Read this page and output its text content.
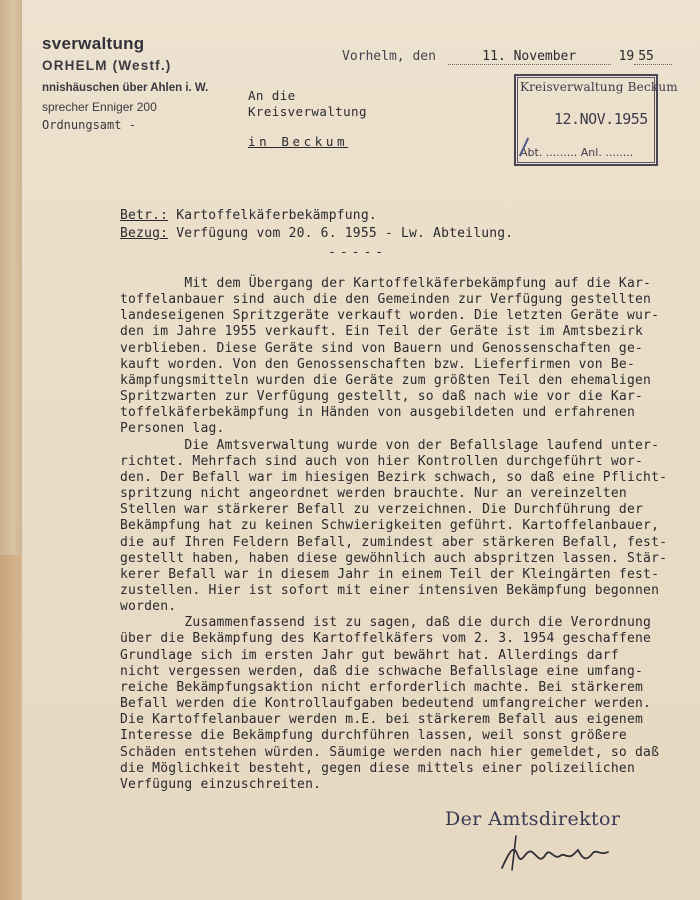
sverwaltung
ORHELM (Westf.)
nnishäuschen über Ahlen i. W.
sprecher Enniger 200
Ordnungsamt -
Vorhelm, den	11. November	19 55
An die
Kreisverwaltung
in Beckum
Kreisverwaltung Beckum
12.NOV.1955
Abt. ......... Anl. ........
Betr.: Kartoffelkäferbekämpfung.
Bezug: Verfügung vom 20. 6. 1955 - Lw. Abteilung.
-----
Mit dem Übergang der Kartoffelkäferbekämpfung auf die Kar-
toffelanbauer sind auch die den Gemeinden zur Verfügung gestellten
landeseigenen Spritzgeräte verkauft worden. Die letzten Geräte wur-
den im Jahre 1955 verkauft. Ein Teil der Geräte ist im Amtsbezirk
verblieben. Diese Geräte sind von Bauern und Genossenschaften ge-
kauft worden. Von den Genossenschaften bzw. Lieferfirmen von Be-
kämpfungsmitteln wurden die Geräte zum größten Teil den ehemaligen
Spritzwarten zur Verfügung gestellt, so daß nach wie vor die Kar-
toffelkäferbekämpfung in Händen von ausgebildeten und erfahrenen
Personen lag.
Die Amtsverwaltung wurde von der Befallslage laufend unter-
richtet. Mehrfach sind auch von hier Kontrollen durchgeführt wor-
den. Der Befall war im hiesigen Bezirk schwach, so daß eine Pflicht-
spritzung nicht angeordnet werden brauchte. Nur an vereinzelten
Stellen war stärkerer Befall zu verzeichnen. Die Durchführung der
Bekämpfung hat zu keinen Schwierigkeiten geführt. Kartoffelanbauer,
die auf Ihren Feldern Befall, zumindest aber stärkeren Befall, fest-
gestellt haben, haben diese gewöhnlich auch abspritzen lassen. Stär-
kerer Befall war in diesem Jahr in einem Teil der Kleingärten fest-
zustellen. Hier ist sofort mit einer intensiven Bekämpfung begonnen
worden.
Zusammenfassend ist zu sagen, daß die durch die Verordnung
über die Bekämpfung des Kartoffelkäfers vom 2. 3. 1954 geschaffene
Grundlage sich im ersten Jahr gut bewährt hat. Allerdings darf
nicht vergessen werden, daß die schwache Befallslage eine umfang-
reiche Bekämpfungsaktion nicht erforderlich machte. Bei stärkerem
Befall werden die Kontrollaufgaben bedeutend umfangreicher werden.
Die Kartoffelanbauer werden m.E. bei stärkerem Befall aus eigenem
Interesse die Bekämpfung durchführen lassen, weil sonst größere
Schäden entstehen würden. Säumige werden nach hier gemeldet, so daß
die Möglichkeit besteht, gegen diese mittels einer polizeilichen
Verfügung einzuschreiten.
Der Amtsdirektor
